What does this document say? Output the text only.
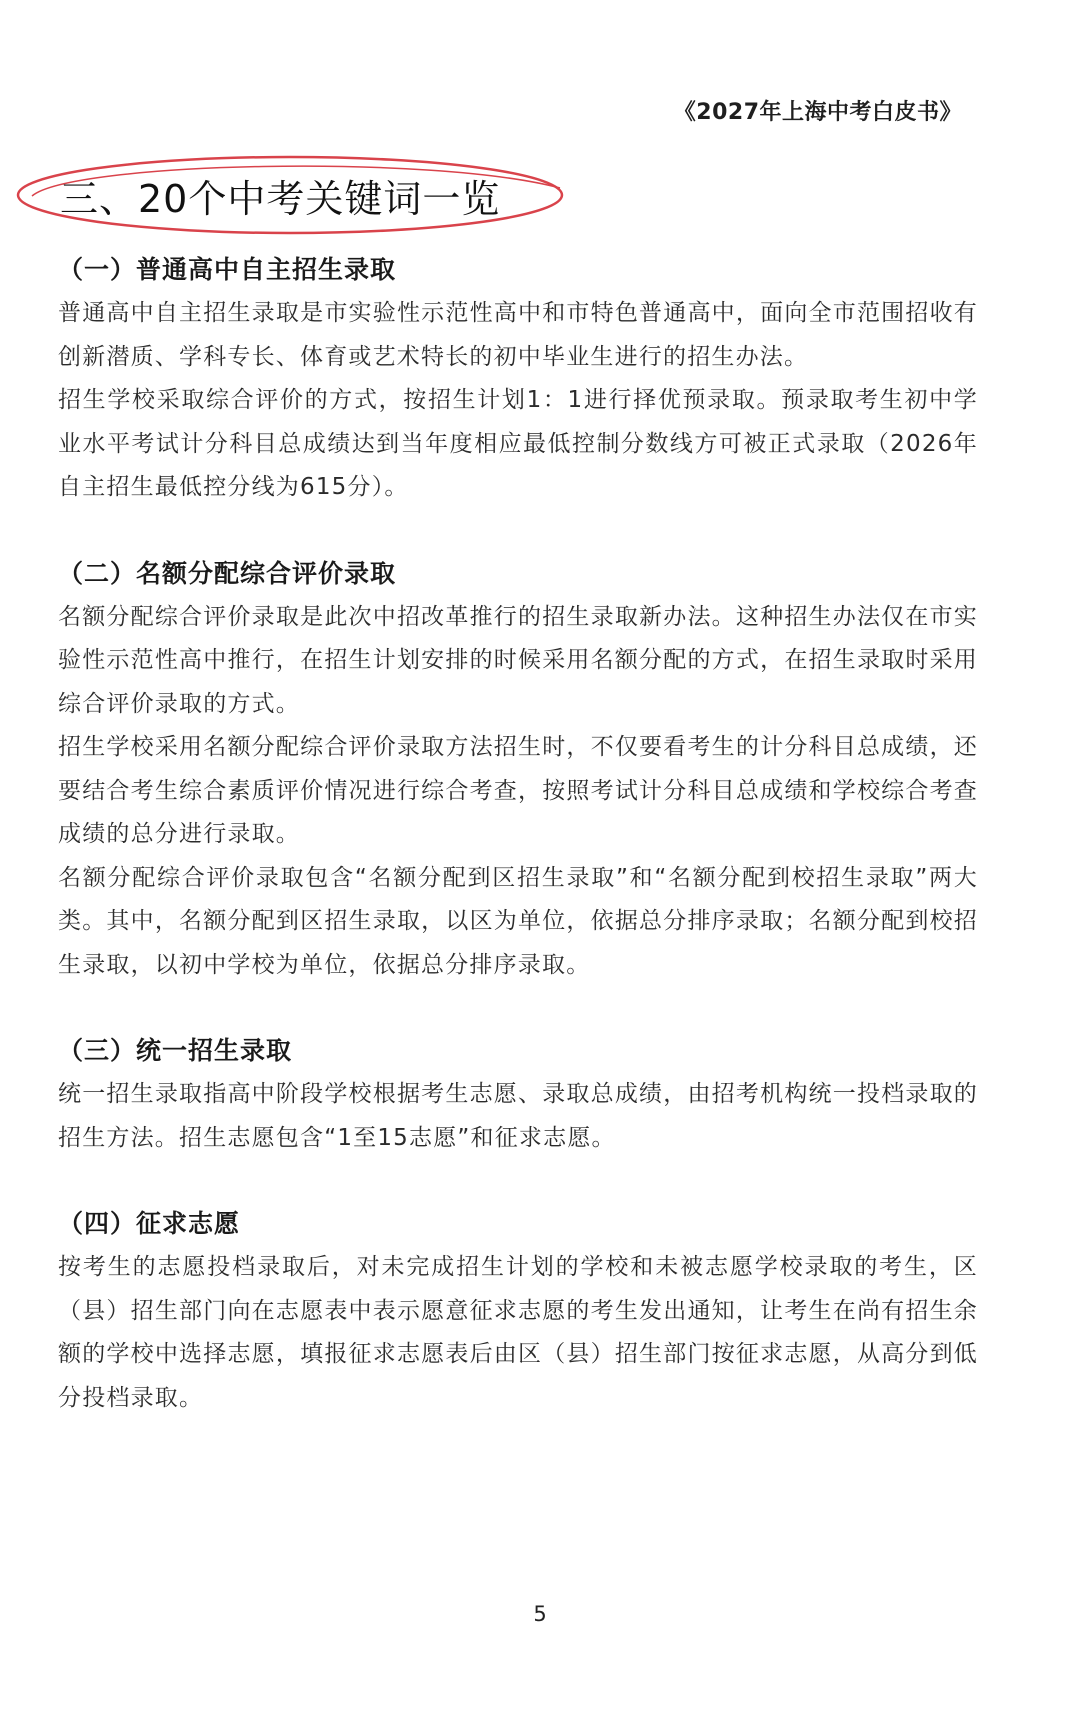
《2027年上海中考白皮书》
三、20个中考关键词一览
（一）普通高中自主招生录取

普通高中自主招生录取是市实验性示范性高中和市特色普通高中，面向全市范围招收有创新潜质、学科专长、体育或艺术特长的初中毕业生进行的招生办法。

招生学校采取综合评价的方式，按招生计划1：1进行择优预录取。预录取考生初中学业水平考试计分科目总成绩达到当年度相应最低控制分数线方可被正式录取（2026年自主招生最低控分线为615分）。

（二）名额分配综合评价录取

名额分配综合评价录取是此次中招改革推行的招生录取新办法。这种招生办法仅在市实验性示范性高中推行，在招生计划安排的时候采用名额分配的方式，在招生录取时采用综合评价录取的方式。

招生学校采用名额分配综合评价录取方法招生时，不仅要看考生的计分科目总成绩，还要结合考生综合素质评价情况进行综合考查，按照考试计分科目总成绩和学校综合考查成绩的总分进行录取。

名额分配综合评价录取包含“名额分配到区招生录取”和“名额分配到校招生录取”两大类。其中，名额分配到区招生录取，以区为单位，依据总分排序录取；名额分配到校招生录取，以初中学校为单位，依据总分排序录取。

（三）统一招生录取

统一招生录取指高中阶段学校根据考生志愿、录取总成绩，由招考机构统一投档录取的招生方法。招生志愿包含“1至15志愿”和征求志愿。

（四）征求志愿

按考生的志愿投档录取后，对未完成招生计划的学校和未被志愿学校录取的考生，区（县）招生部门向在志愿表中表示愿意征求志愿的考生发出通知，让考生在尚有招生余额的学校中选择志愿，填报征求志愿表后由区（县）招生部门按征求志愿，从高分到低分投档录取。

5
